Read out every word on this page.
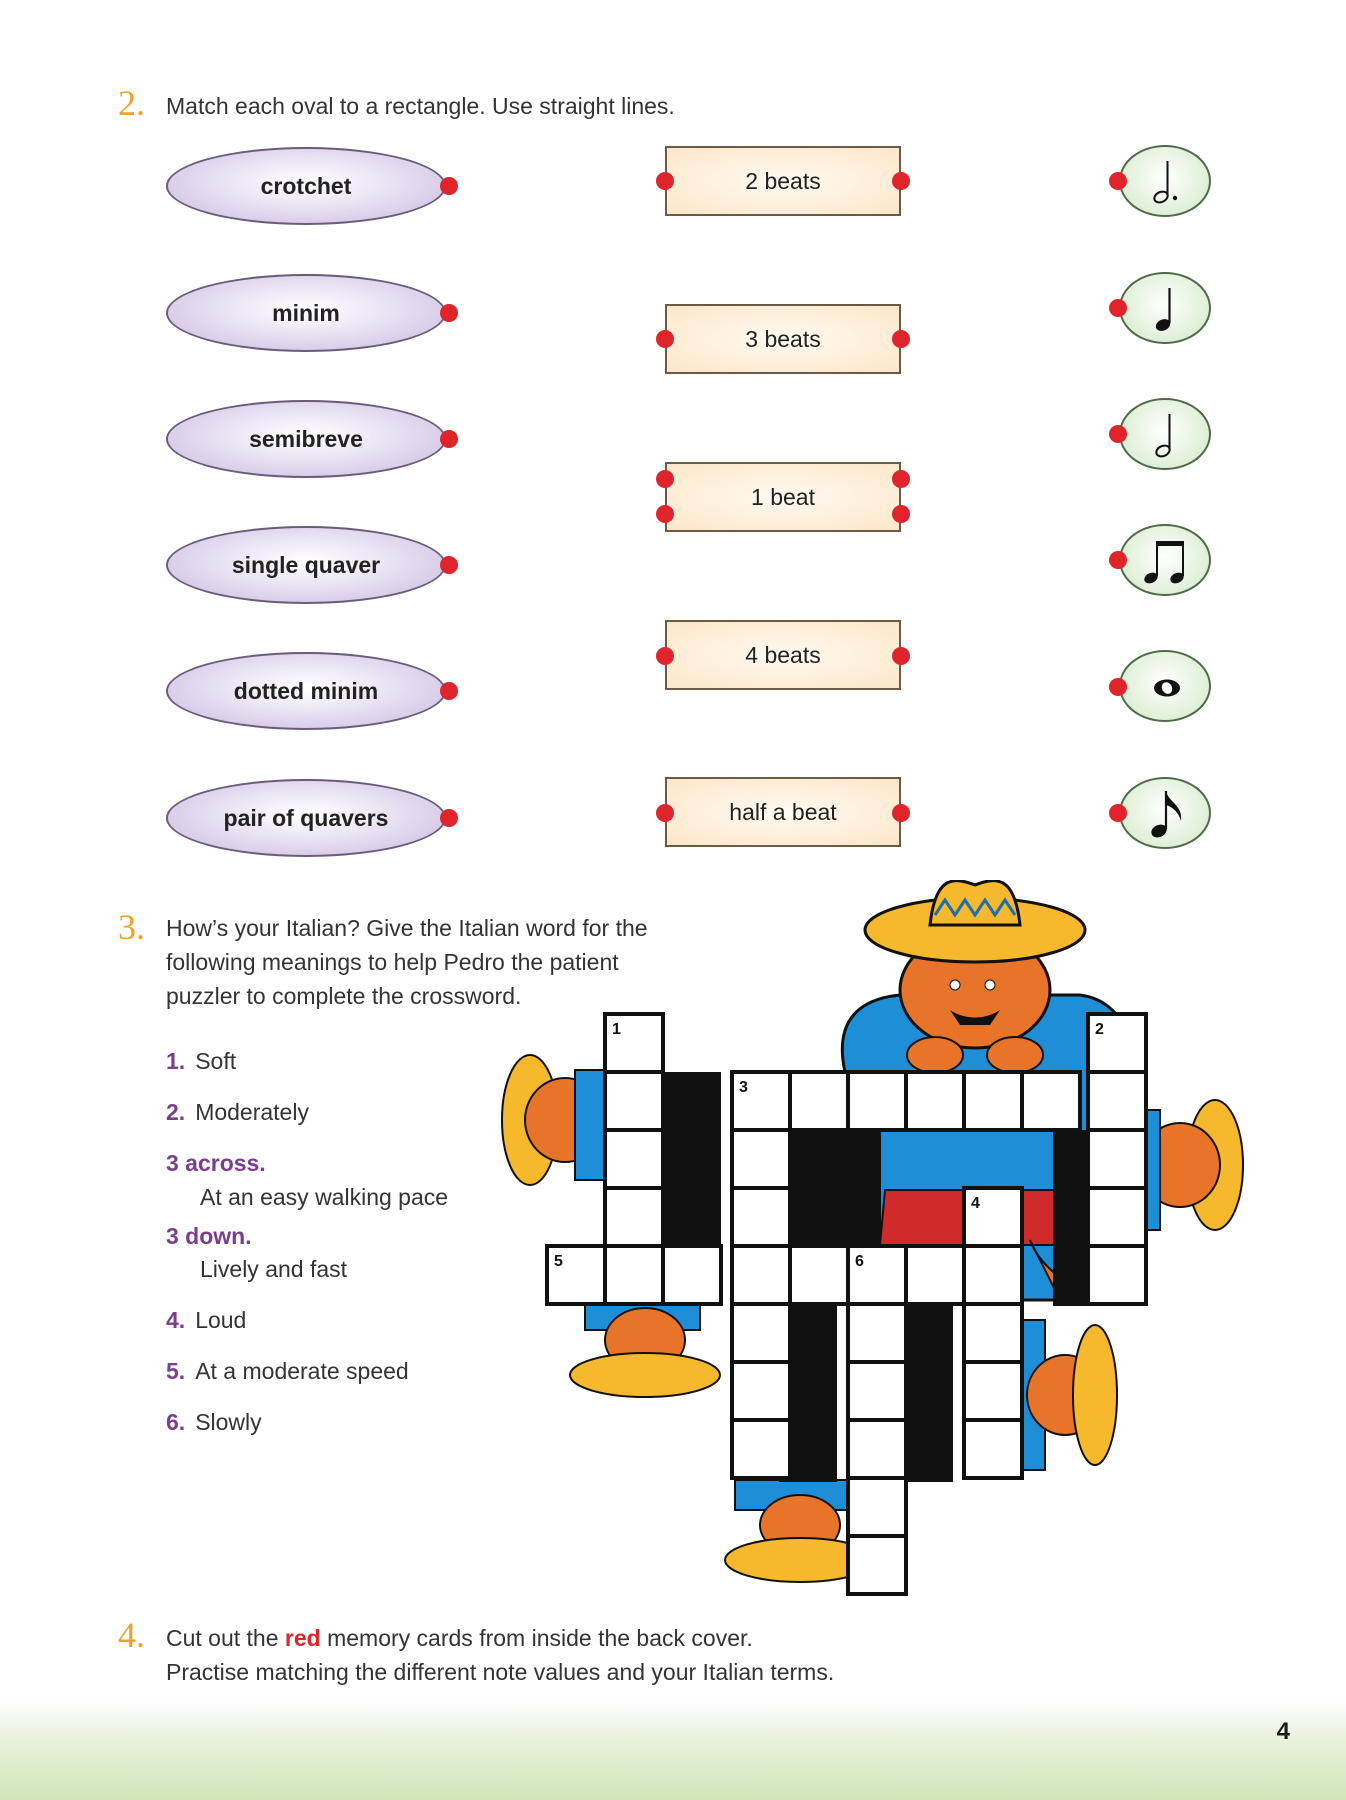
4
2. Match each oval to a rectangle. Use straight lines.
crotchet
minim
semibreve
single quaver
dotted minim
pair of quavers
2 beats
3 beats
1 beat
4 beats
half a beat
3. How’s your Italian? Give the Italian word for the
following meanings to help Pedro the patient
puzzler to complete the crossword.
1. Soft
2. Moderately
3 across.
At an easy walking pace
3 down.
Lively and fast
4. Loud
5. At a moderate speed
6. Slowly
1	2
3
4
5	6
4. Cut out the red memory cards from inside the back cover.
Practise matching the different note values and your Italian terms.
